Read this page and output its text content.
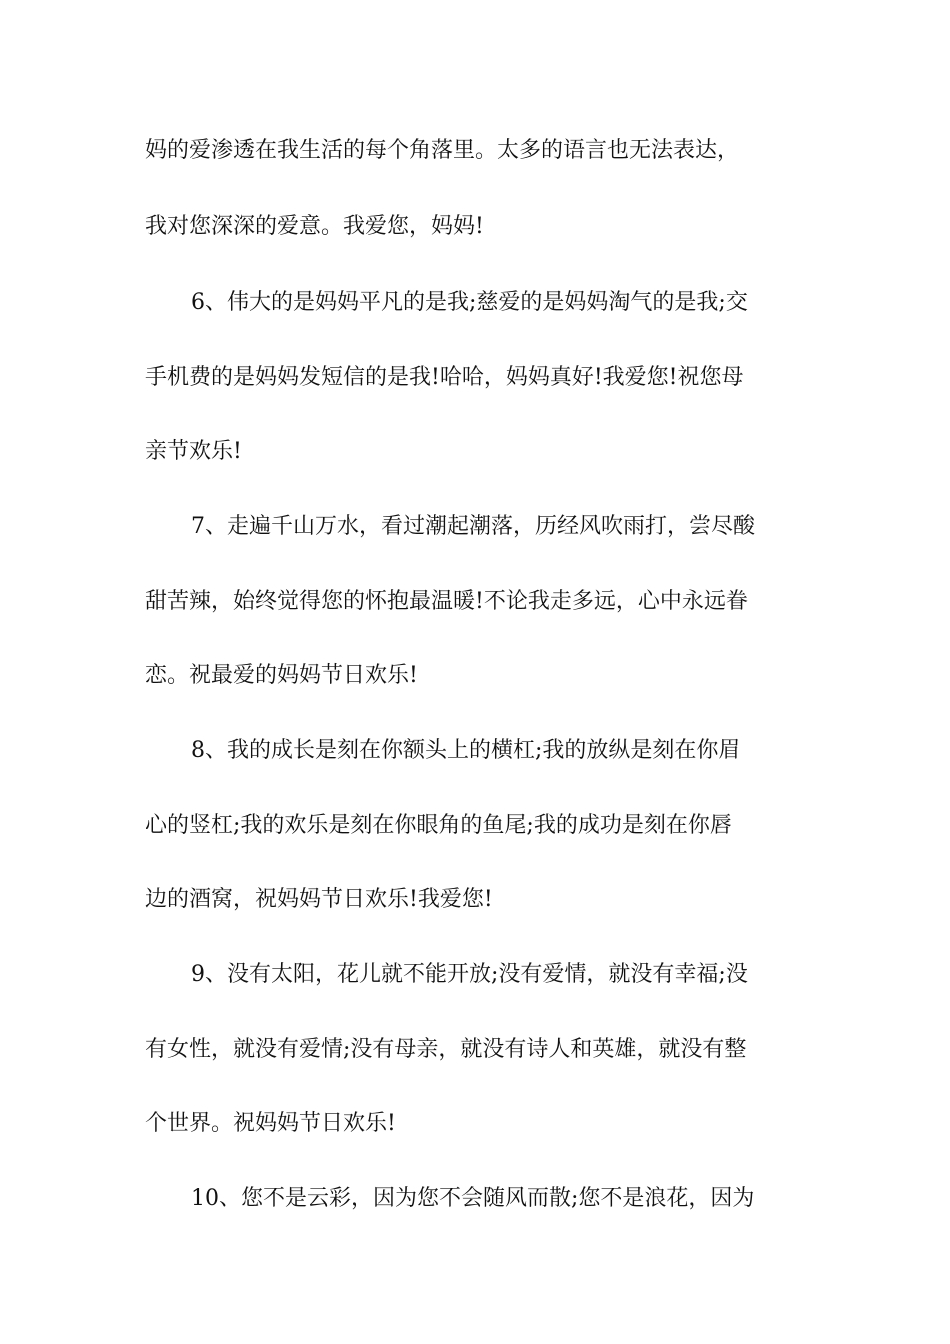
妈的爱渗透在我生活的每个角落里。太多的语言也无法表达，
我对您深深的爱意。我爱您，妈妈!
6、伟大的是妈妈平凡的是我;慈爱的是妈妈淘气的是我;交
手机费的是妈妈发短信的是我!哈哈，妈妈真好!我爱您!祝您母
亲节欢乐!
7、走遍千山万水，看过潮起潮落，历经风吹雨打，尝尽酸
甜苦辣，始终觉得您的怀抱最温暖!不论我走多远，心中永远眷
恋。祝最爱的妈妈节日欢乐!
8、我的成长是刻在你额头上的横杠;我的放纵是刻在你眉
心的竖杠;我的欢乐是刻在你眼角的鱼尾;我的成功是刻在你唇
边的酒窝，祝妈妈节日欢乐!我爱您!
9、没有太阳，花儿就不能开放;没有爱情，就没有幸福;没
有女性，就没有爱情;没有母亲，就没有诗人和英雄，就没有整
个世界。祝妈妈节日欢乐!
10、您不是云彩，因为您不会随风而散;您不是浪花，因为
